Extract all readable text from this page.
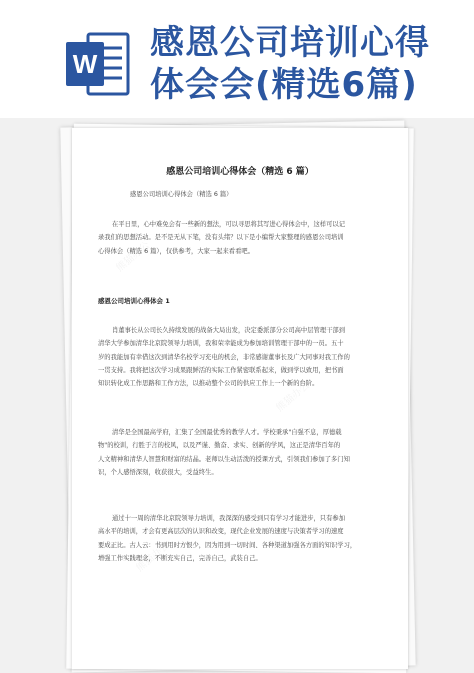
W
感恩公司培训心得
体会会(精选6篇)
熊猫办公
熊猫办公
熊猫办公
感恩公司培训心得体会（精选 6 篇）
感恩公司培训心得体会（精选 6 篇）
在平日里，心中难免会有一些新的想法，可以寻思将其写进心得体会中，这样可以记
录我们的思想活动。是不是无从下笔，没有头绪？以下是小编帮大家整理的感恩公司培训
心得体会（精选 6 篇），仅供参考，大家一起来看看吧。
感恩公司培训心得体会 1
肖董事长从公司长久持续发展的战备大局出发，决定委派部分公司高中层管理干部到
清华大学参加清华北京院领导力培训，我和荣幸能成为参加培训管理干部中的一员。五十
岁的我能加有幸借这次到清华名校学习充电的机会，非常感谢董事长及广大同事对我工作的
一贯支持。我将把这次学习成果跟鲜活的实际工作紧密联系起来，做到学以致用，把书面
知识转化成工作思路和工作方法，以推动整个公司的供应工作上一个新的台阶。
清华是全国最高学府，汇集了全国最优秀的教学人才。学校秉承"自强不息，厚德载
物"的校训，行胜于言的校风，以及严谨、勤奋、求实、创新的学风，这正是清华百年的
人文精神和清华人智慧和财富的结晶。老师以生动活泼的授课方式，引领我们参加了多门知
识，个人感悟深刻，收获很大，受益终生。
通过十一周的清华北京院领导力培训，我深深的感受到只有学习才能进步，只有参加
高水平的培训，才会有更高层次的认识和改变，现代企业发展的速度与决策者学习的速度
要成正比。古人云：书到用时方恨少，因为用到一切时间、各种渠道加强各方面的知识学习，
增强工作实践理念，不断充实自己，完善自己，武装自己。
